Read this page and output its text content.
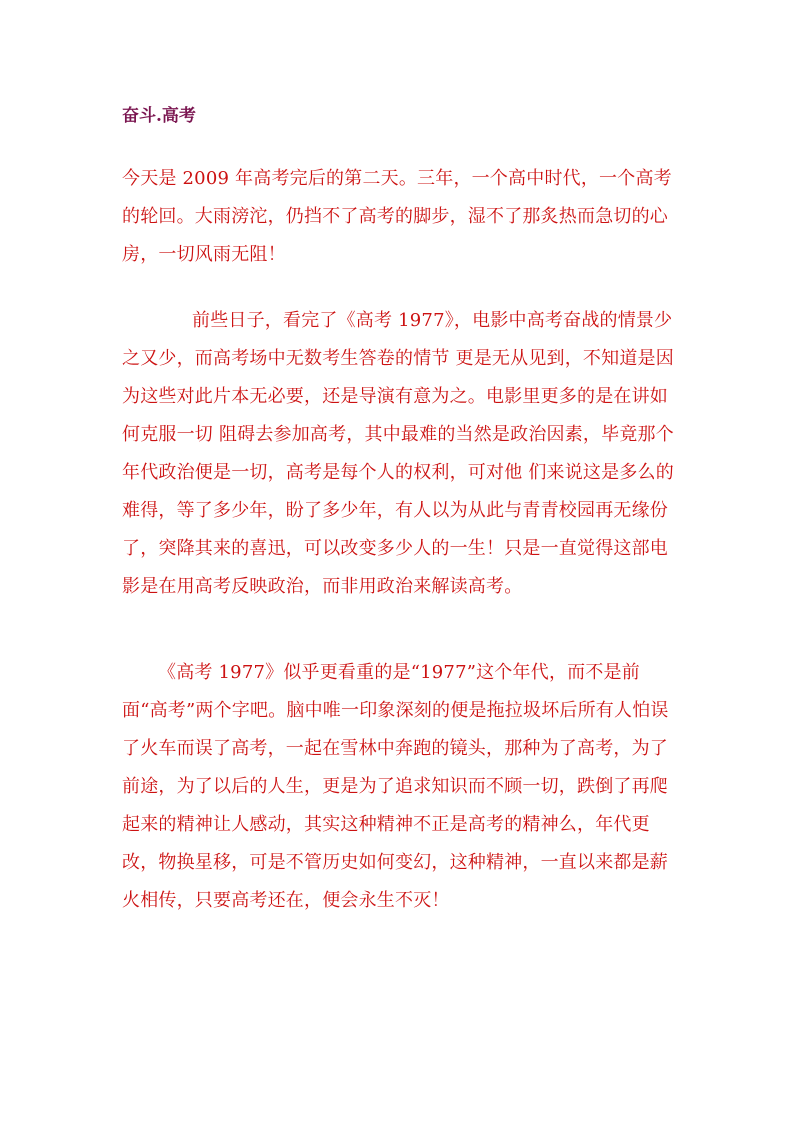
奋斗.高考

今天是 2009 年高考完后的第二天。三年，一个高中时代，一个高考的轮回。大雨滂沱，仍挡不了高考的脚步，湿不了那炙热而急切的心房，一切风雨无阻！

前些日子，看完了《高考 1977》，电影中高考奋战的情景少之又少，而高考场中无数考生答卷的情节 更是无从见到，不知道是因为这些对此片本无必要，还是导演有意为之。电影里更多的是在讲如何克服一切 阻碍去参加高考，其中最难的当然是政治因素，毕竟那个年代政治便是一切，高考是每个人的权利，可对他 们来说这是多么的难得，等了多少年，盼了多少年，有人以为从此与青青校园再无缘份了，突降其来的喜迅，可以改变多少人的一生！只是一直觉得这部电影是在用高考反映政治，而非用政治来解读高考。

《高考 1977》似乎更看重的是“1977”这个年代，而不是前面“高考”两个字吧。脑中唯一印象深刻的便是拖拉圾坏后所有人怕误了火车而误了高考，一起在雪林中奔跑的镜头，那种为了高考，为了前途，为了以后的人生，更是为了追求知识而不顾一切，跌倒了再爬起来的精神让人感动，其实这种精神不正是高考的精神么，年代更改，物换星移，可是不管历史如何变幻，这种精神，一直以来都是薪火相传，只要高考还在，便会永生不灭！
